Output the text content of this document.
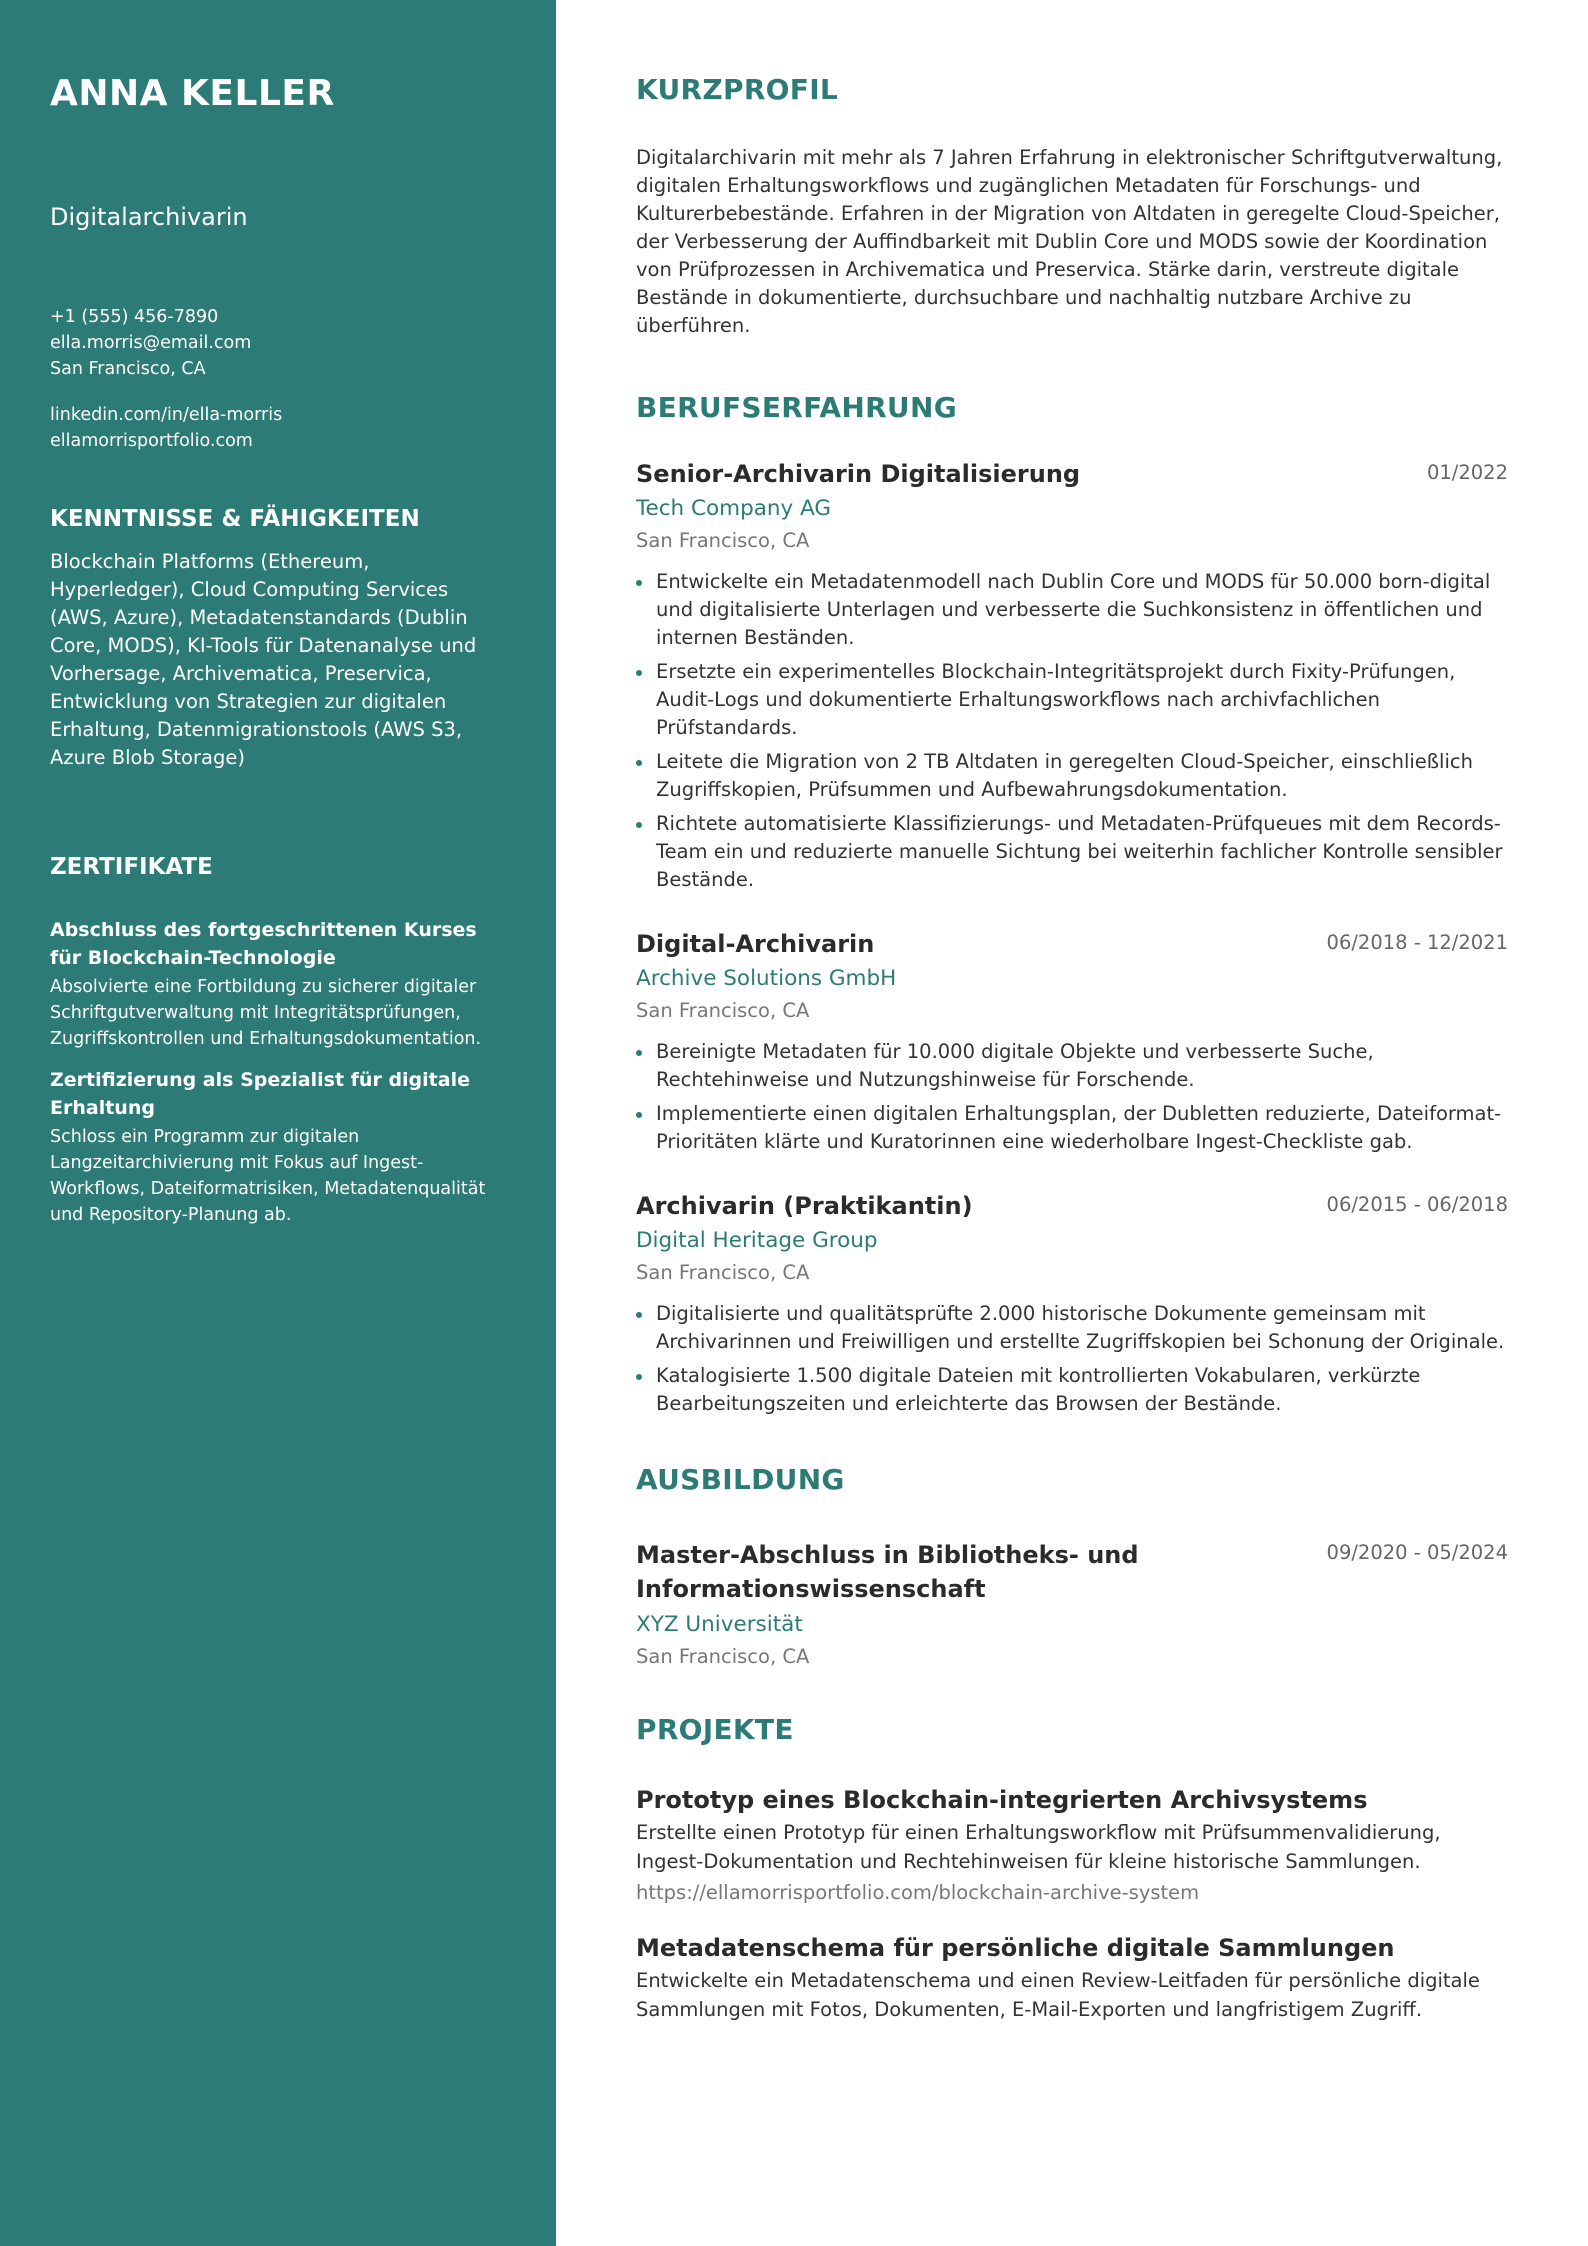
ANNA KELLER
Digitalarchivarin
+1 (555) 456-7890
ella.morris@email.com
San Francisco, CA
linkedin.com/in/ella-morris
ellamorrisportfolio.com
KENNTNISSE & FÄHIGKEITEN
Blockchain Platforms (Ethereum, Hyperledger), Cloud Computing Services (AWS, Azure), Metadatenstandards (Dublin Core, MODS), KI-Tools für Datenanalyse und Vorhersage, Archivematica, Preservica, Entwicklung von Strategien zur digitalen Erhaltung, Datenmigrationstools (AWS S3, Azure Blob Storage)
ZERTIFIKATE
Abschluss des fortgeschrittenen Kurses für Blockchain-Technologie
Absolvierte eine Fortbildung zu sicherer digitaler Schriftgutverwaltung mit Integritätsprüfungen, Zugriffskontrollen und Erhaltungsdokumentation.
Zertifizierung als Spezialist für digitale Erhaltung
Schloss ein Programm zur digitalen Langzeitarchivierung mit Fokus auf Ingest-Workflows, Dateiformatrisiken, Metadatenqualität und Repository-Planung ab.
KURZPROFIL

Digitalarchivarin mit mehr als 7 Jahren Erfahrung in elektronischer Schriftgutverwaltung, digitalen Erhaltungsworkflows und zugänglichen Metadaten für Forschungs- und Kulturerbebestände. Erfahren in der Migration von Altdaten in geregelte Cloud-Speicher, der Verbesserung der Auffindbarkeit mit Dublin Core und MODS sowie der Koordination von Prüfprozessen in Archivematica und Preservica. Stärke darin, verstreute digitale Bestände in dokumentierte, durchsuchbare und nachhaltig nutzbare Archive zu überführen.

BERUFSERFAHRUNG
Senior-Archivarin Digitalisierung	01/2022
Tech Company AG
San Francisco, CA
Entwickelte ein Metadatenmodell nach Dublin Core und MODS für 50.000 born-digital und digitalisierte Unterlagen und verbesserte die Suchkonsistenz in öffentlichen und internen Beständen.
Ersetzte ein experimentelles Blockchain-Integritätsprojekt durch Fixity-Prüfungen, Audit-Logs und dokumentierte Erhaltungsworkflows nach archivfachlichen Prüfstandards.
Leitete die Migration von 2 TB Altdaten in geregelten Cloud-Speicher, einschließlich Zugriffskopien, Prüfsummen und Aufbewahrungsdokumentation.
Richtete automatisierte Klassifizierungs- und Metadaten-Prüfqueues mit dem Records-Team ein und reduzierte manuelle Sichtung bei weiterhin fachlicher Kontrolle sensibler Bestände.
Digital-Archivarin	06/2018 - 12/2021
Archive Solutions GmbH
San Francisco, CA
Bereinigte Metadaten für 10.000 digitale Objekte und verbesserte Suche, Rechtehinweise und Nutzungshinweise für Forschende.
Implementierte einen digitalen Erhaltungsplan, der Dubletten reduzierte, Dateiformat-Prioritäten klärte und Kuratorinnen eine wiederholbare Ingest-Checkliste gab.
Archivarin (Praktikantin)	06/2015 - 06/2018
Digital Heritage Group
San Francisco, CA
Digitalisierte und qualitätsprüfte 2.000 historische Dokumente gemeinsam mit Archivarinnen und Freiwilligen und erstellte Zugriffskopien bei Schonung der Originale.
Katalogisierte 1.500 digitale Dateien mit kontrollierten Vokabularen, verkürzte Bearbeitungszeiten und erleichterte das Browsen der Bestände.
AUSBILDUNG
Master-Abschluss in Bibliotheks- und Informationswissenschaft
09/2020 - 05/2024
XYZ Universität
San Francisco, CA
PROJEKTE
Prototyp eines Blockchain-integrierten Archivsystems
Erstellte einen Prototyp für einen Erhaltungsworkflow mit Prüfsummenvalidierung, Ingest-Dokumentation und Rechtehinweisen für kleine historische Sammlungen.
https://ellamorrisportfolio.com/blockchain-archive-system
Metadatenschema für persönliche digitale Sammlungen
Entwickelte ein Metadatenschema und einen Review-Leitfaden für persönliche digitale Sammlungen mit Fotos, Dokumenten, E-Mail-Exporten und langfristigem Zugriff.
